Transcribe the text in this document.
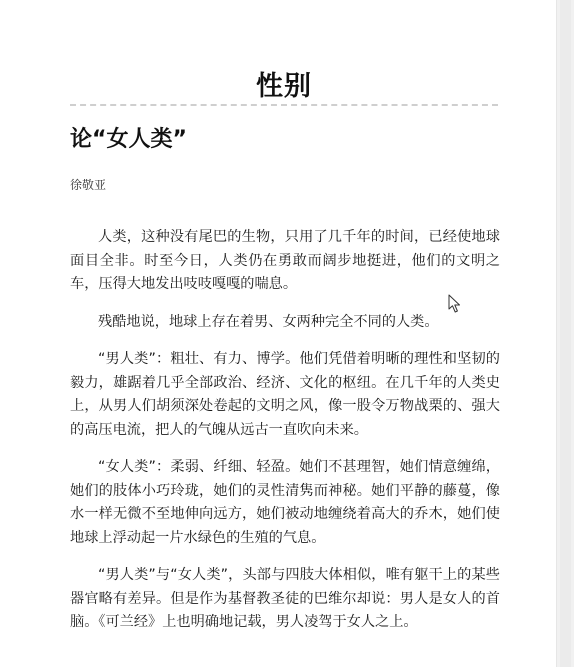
性别
论“女人类”
徐敬亚

人类，这种没有尾巴的生物，只用了几千年的时间，已经使地球面目全非。时至今日，人类仍在勇敢而阔步地挺进，他们的文明之车，压得大地发出吱吱嘎嘎的喘息。

残酷地说，地球上存在着男、女两种完全不同的人类。

“男人类”：粗壮、有力、博学。他们凭借着明晰的理性和坚韧的毅力，雄踞着几乎全部政治、经济、文化的枢纽。在几千年的人类史上，从男人们胡须深处卷起的文明之风，像一股令万物战栗的、强大的高压电流，把人的气魄从远古一直吹向未来。

“女人类”：柔弱、纤细、轻盈。她们不甚理智，她们情意缠绵，她们的肢体小巧玲珑，她们的灵性清隽而神秘。她们平静的藤蔓，像水一样无微不至地伸向远方，她们被动地缠绕着高大的乔木，她们使地球上浮动起一片水绿色的生殖的气息。

“男人类”与“女人类”，头部与四肢大体相似，唯有躯干上的某些器官略有差异。但是作为基督教圣徒的巴维尔却说：男人是女人的首脑。《可兰经》上也明确地记载，男人凌驾于女人之上。
